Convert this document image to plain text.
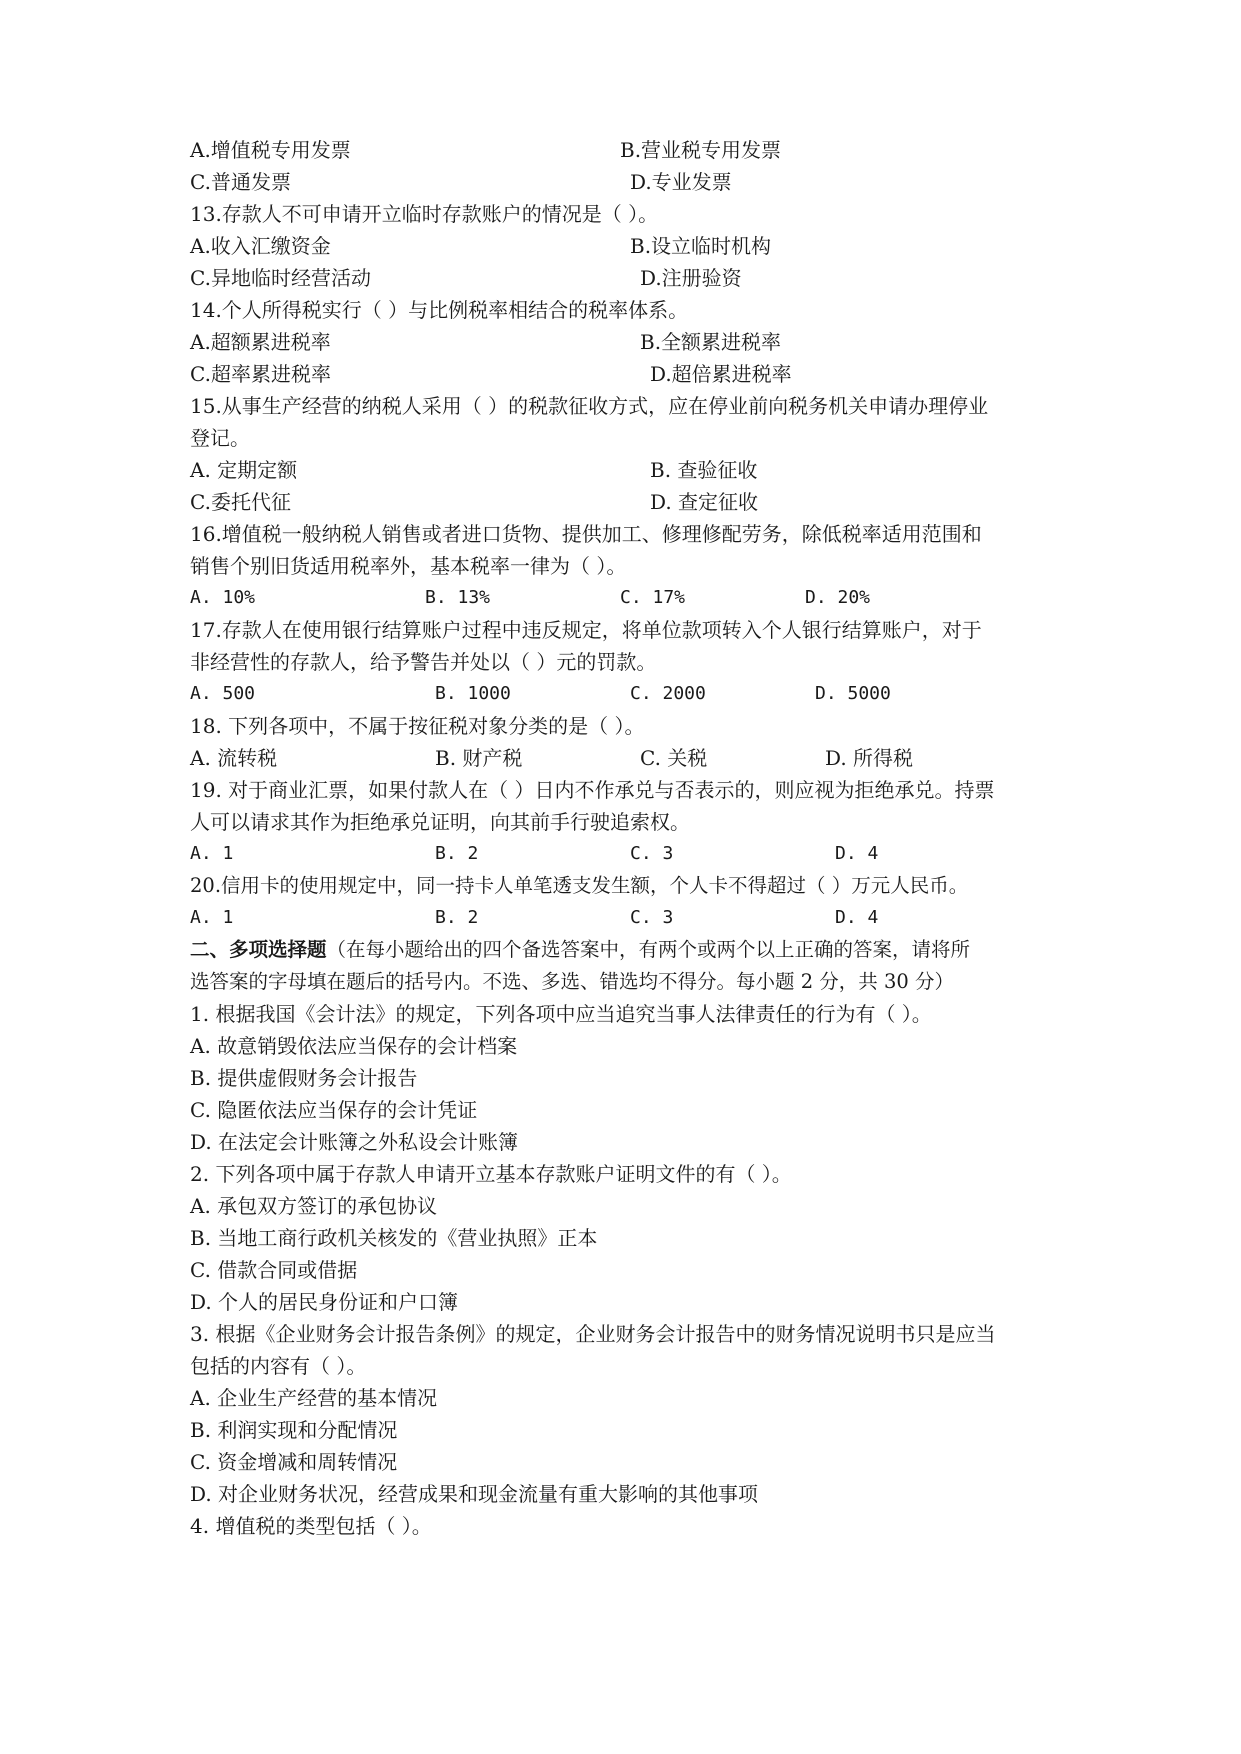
A.增值税专用发票	B.营业税专用发票
C.普通发票	D.专业发票
13.存款人不可申请开立临时存款账户的情况是（ ）。
A.收入汇缴资金	B.设立临时机构
C.异地临时经营活动	D.注册验资
14.个人所得税实行（ ）与比例税率相结合的税率体系。
A.超额累进税率	B.全额累进税率
C.超率累进税率	D.超倍累进税率
15.从事生产经营的纳税人采用（ ）的税款征收方式，应在停业前向税务机关申请办理停业
登记。
A. 定期定额	B. 查验征收
C.委托代征	D. 查定征收
16.增值税一般纳税人销售或者进口货物、提供加工、修理修配劳务，除低税率适用范围和
销售个别旧货适用税率外，基本税率一律为（ ）。
A. 10%	B. 13%	C. 17%	D. 20%
17.存款人在使用银行结算账户过程中违反规定，将单位款项转入个人银行结算账户，对于
非经营性的存款人，给予警告并处以（ ）元的罚款。
A. 500	B. 1000	C. 2000	D. 5000
18. 下列各项中，不属于按征税对象分类的是（ ）。
A. 流转税	B. 财产税	C. 关税	D. 所得税
19. 对于商业汇票，如果付款人在（ ）日内不作承兑与否表示的，则应视为拒绝承兑。持票
人可以请求其作为拒绝承兑证明，向其前手行驶追索权。
A. 1	B. 2	C. 3	D. 4
20.信用卡的使用规定中，同一持卡人单笔透支发生额，个人卡不得超过（ ）万元人民币。
A. 1	B. 2	C. 3	D. 4
二、多项选择题（在每小题给出的四个备选答案中，有两个或两个以上正确的答案，请将所
选答案的字母填在题后的括号内。不选、多选、错选均不得分。每小题 2 分，共 30 分）
1. 根据我国《会计法》的规定，下列各项中应当追究当事人法律责任的行为有（ ）。
A. 故意销毁依法应当保存的会计档案
B. 提供虚假财务会计报告
C. 隐匿依法应当保存的会计凭证
D. 在法定会计账簿之外私设会计账簿
2. 下列各项中属于存款人申请开立基本存款账户证明文件的有（ ）。
A. 承包双方签订的承包协议
B. 当地工商行政机关核发的《营业执照》正本
C. 借款合同或借据
D. 个人的居民身份证和户口簿
3. 根据《企业财务会计报告条例》的规定，企业财务会计报告中的财务情况说明书只是应当
包括的内容有（ ）。
A. 企业生产经营的基本情况
B. 利润实现和分配情况
C. 资金增减和周转情况
D. 对企业财务状况，经营成果和现金流量有重大影响的其他事项
4. 增值税的类型包括（ ）。
